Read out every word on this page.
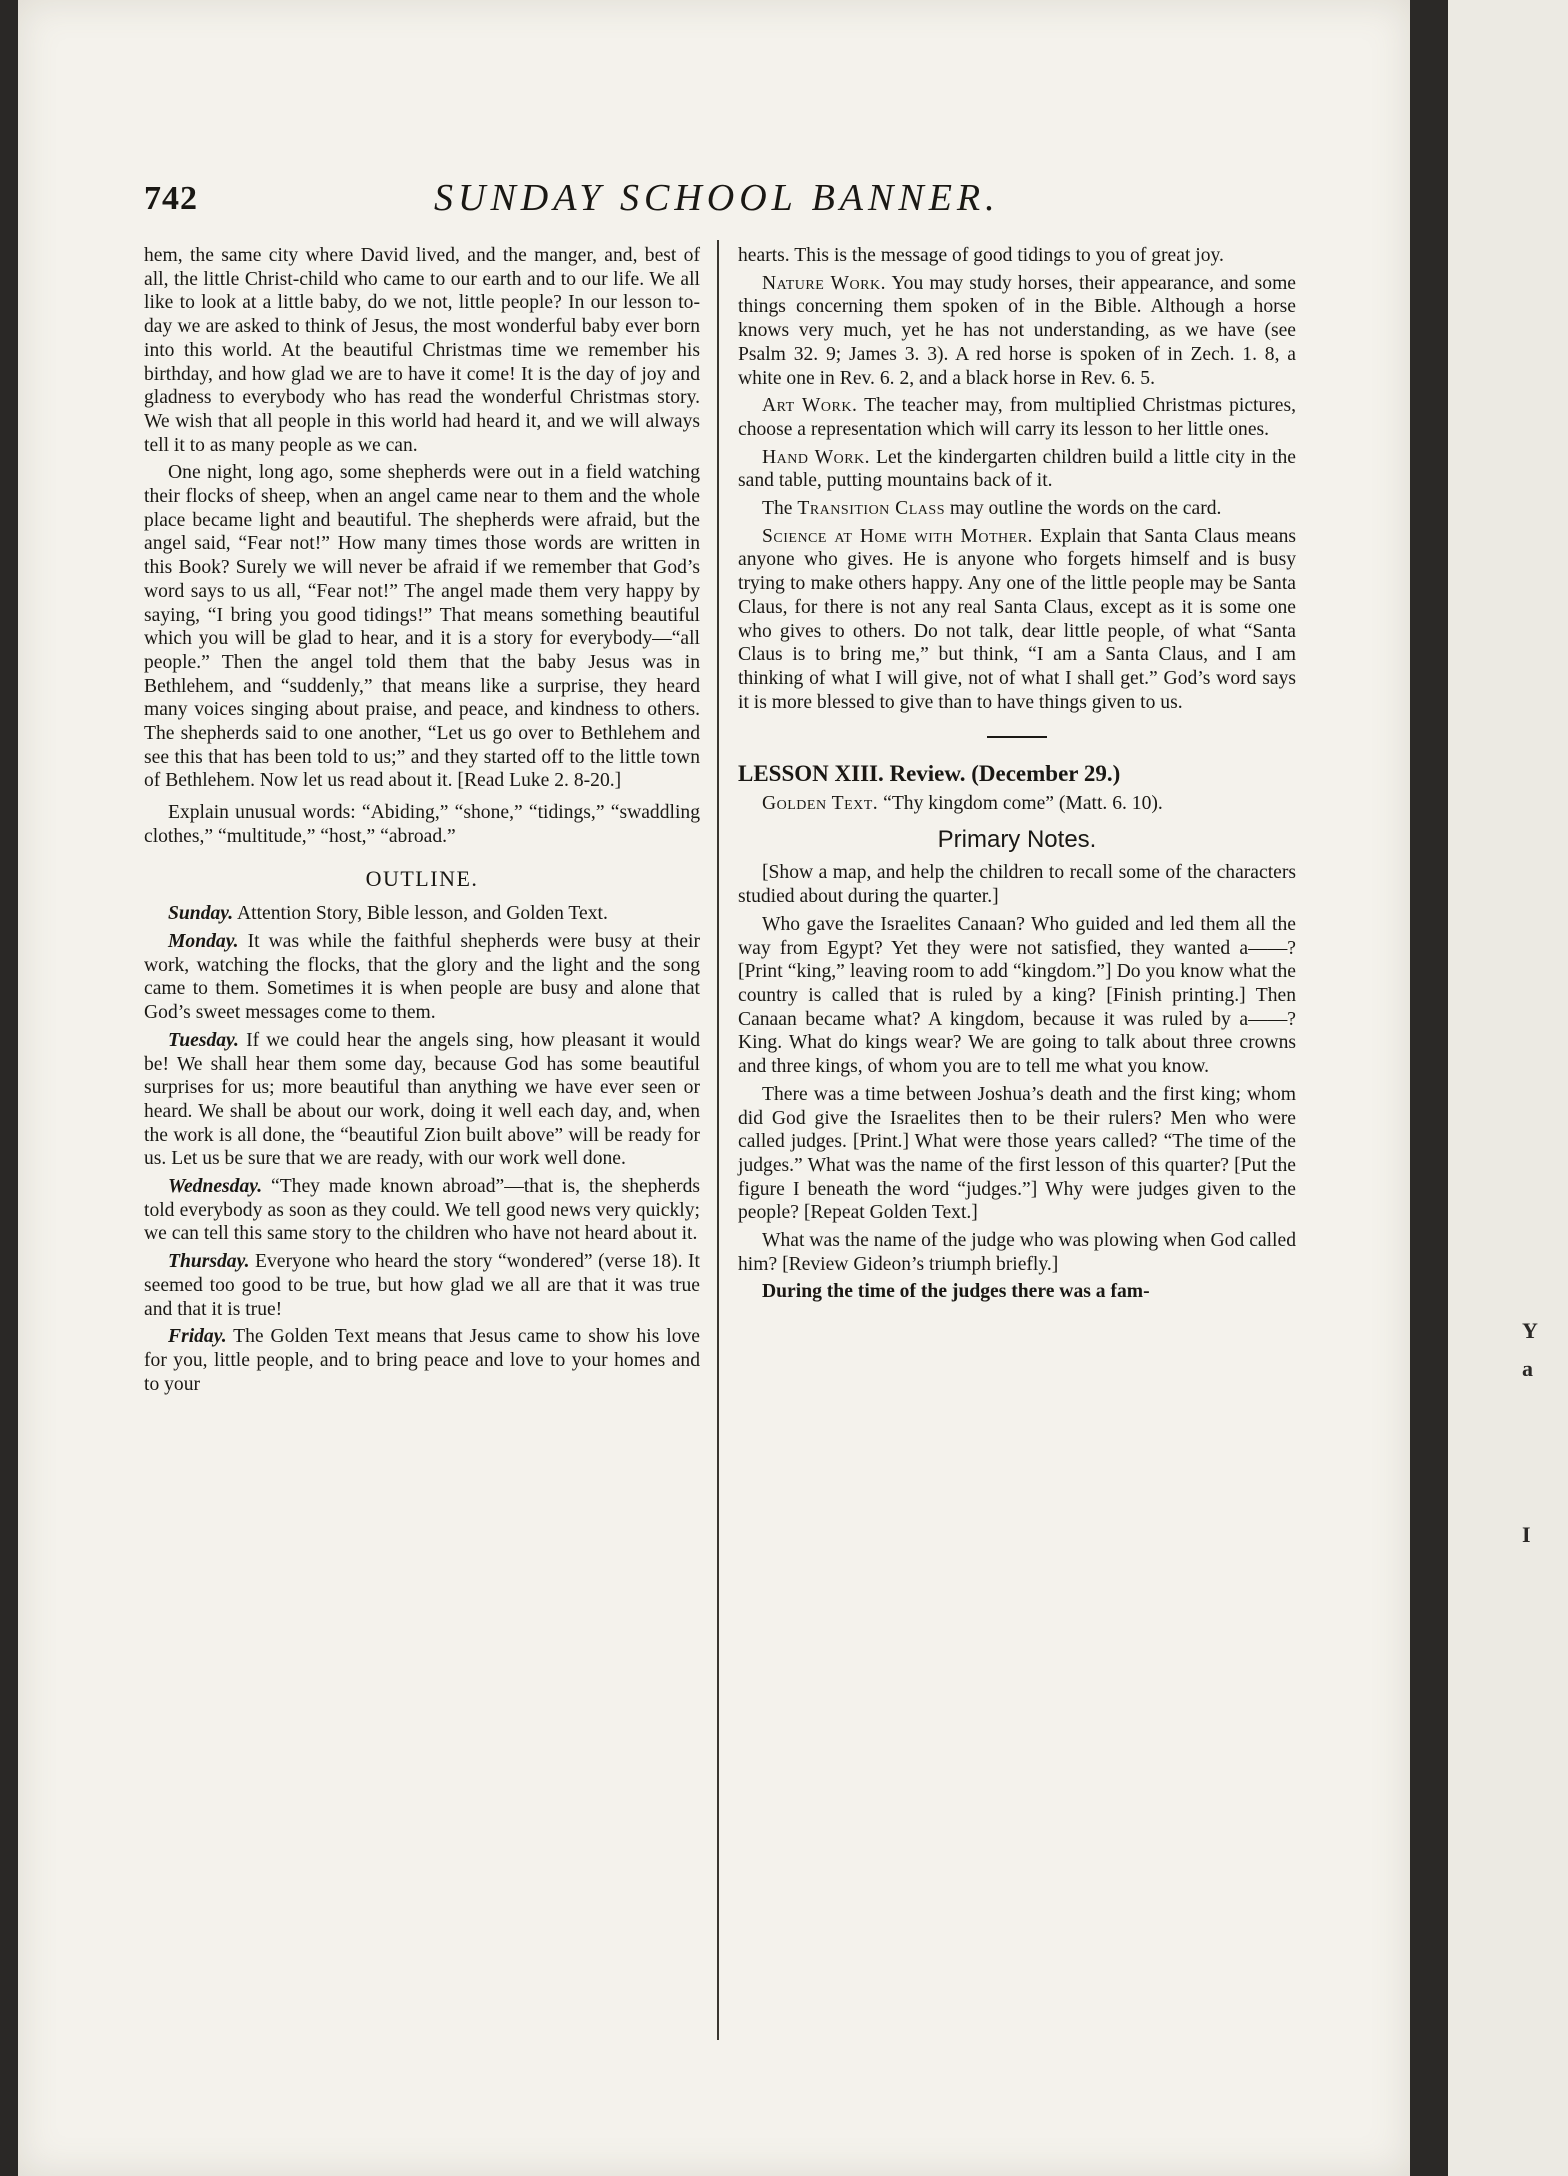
742	SUNDAY SCHOOL BANNER.

hem, the same city where David lived, and the manger, and, best of all, the little Christ-child who came to our earth and to our life. We all like to look at a little baby, do we not, little people? In our lesson to-day we are asked to think of Jesus, the most wonderful baby ever born into this world. At the beautiful Christmas time we remember his birthday, and how glad we are to have it come! It is the day of joy and gladness to everybody who has read the wonderful Christmas story. We wish that all people in this world had heard it, and we will always tell it to as many people as we can.

One night, long ago, some shepherds were out in a field watching their flocks of sheep, when an angel came near to them and the whole place became light and beautiful. The shepherds were afraid, but the angel said, “Fear not!” How many times those words are written in this Book? Surely we will never be afraid if we remember that God’s word says to us all, “Fear not!” The angel made them very happy by saying, “I bring you good tidings!” That means something beautiful which you will be glad to hear, and it is a story for everybody—“all people.” Then the angel told them that the baby Jesus was in Bethlehem, and “suddenly,” that means like a surprise, they heard many voices singing about praise, and peace, and kindness to others. The shepherds said to one another, “Let us go over to Bethlehem and see this that has been told to us;” and they started off to the little town of Bethlehem. Now let us read about it. [Read Luke 2. 8-20.]

Explain unusual words: “Abiding,” “shone,” “tidings,” “swaddling clothes,” “multitude,” “host,” “abroad.”

OUTLINE.

Sunday. Attention Story, Bible lesson, and Golden Text.

Monday. It was while the faithful shepherds were busy at their work, watching the flocks, that the glory and the light and the song came to them. Sometimes it is when people are busy and alone that God’s sweet messages come to them.

Tuesday. If we could hear the angels sing, how pleasant it would be! We shall hear them some day, because God has some beautiful surprises for us; more beautiful than anything we have ever seen or heard. We shall be about our work, doing it well each day, and, when the work is all done, the “beautiful Zion built above” will be ready for us. Let us be sure that we are ready, with our work well done.

Wednesday. “They made known abroad”—that is, the shepherds told everybody as soon as they could. We tell good news very quickly; we can tell this same story to the children who have not heard about it.

Thursday. Everyone who heard the story “wondered” (verse 18). It seemed too good to be true, but how glad we all are that it was true and that it is true!

Friday. The Golden Text means that Jesus came to show his love for you, little people, and to bring peace and love to your homes and to your

hearts. This is the message of good tidings to you of great joy.

Nature Work. You may study horses, their appearance, and some things concerning them spoken of in the Bible. Although a horse knows very much, yet he has not understanding, as we have (see Psalm 32. 9; James 3. 3). A red horse is spoken of in Zech. 1. 8, a white one in Rev. 6. 2, and a black horse in Rev. 6. 5.

Art Work. The teacher may, from multiplied Christmas pictures, choose a representation which will carry its lesson to her little ones.

Hand Work. Let the kindergarten children build a little city in the sand table, putting mountains back of it.

The Transition Class may outline the words on the card.

Science at Home with Mother. Explain that Santa Claus means anyone who gives. He is anyone who forgets himself and is busy trying to make others happy. Any one of the little people may be Santa Claus, for there is not any real Santa Claus, except as it is some one who gives to others. Do not talk, dear little people, of what “Santa Claus is to bring me,” but think, “I am a Santa Claus, and I am thinking of what I will give, not of what I shall get.” God’s word says it is more blessed to give than to have things given to us.

LESSON XIII. Review. (December 29.)

Golden Text. “Thy kingdom come” (Matt. 6. 10).

Primary Notes.

[Show a map, and help the children to recall some of the characters studied about during the quarter.]

Who gave the Israelites Canaan? Who guided and led them all the way from Egypt? Yet they were not satisfied, they wanted a——? [Print “king,” leaving room to add “kingdom.”] Do you know what the country is called that is ruled by a king? [Finish printing.] Then Canaan became what? A kingdom, because it was ruled by a——? King. What do kings wear? We are going to talk about three crowns and three kings, of whom you are to tell me what you know.

There was a time between Joshua’s death and the first king; whom did God give the Israelites then to be their rulers? Men who were called judges. [Print.] What were those years called? “The time of the judges.” What was the name of the first lesson of this quarter? [Put the figure I beneath the word “judges.”] Why were judges given to the people? [Repeat Golden Text.]

What was the name of the judge who was plowing when God called him? [Review Gideon’s triumph briefly.]

During the time of the judges there was a fam-

Y
a
I
